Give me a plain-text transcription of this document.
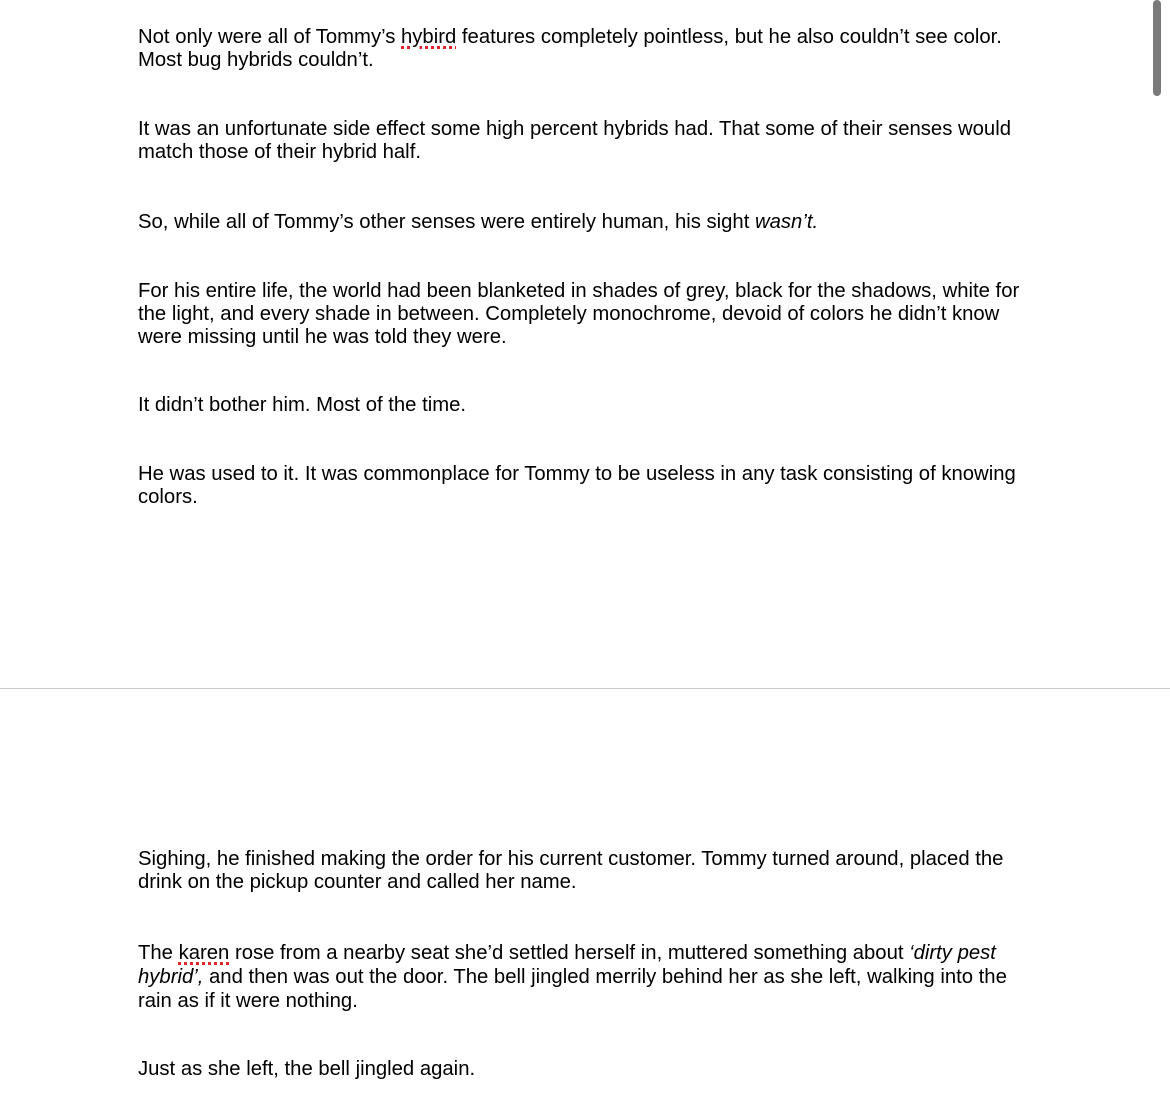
Not only were all of Tommy’s hybird features completely pointless, but he also couldn’t see color. Most bug hybrids couldn’t.

It was an unfortunate side effect some high percent hybrids had. That some of their senses would match those of their hybrid half.

So, while all of Tommy’s other senses were entirely human, his sight wasn’t.

For his entire life, the world had been blanketed in shades of grey, black for the shadows, white for the light, and every shade in between. Completely monochrome, devoid of colors he didn’t know were missing until he was told they were.

It didn’t bother him. Most of the time.

He was used to it. It was commonplace for Tommy to be useless in any task consisting of knowing colors.

Sighing, he finished making the order for his current customer. Tommy turned around, placed the drink on the pickup counter and called her name.

The karen rose from a nearby seat she’d settled herself in, muttered something about ‘dirty pest hybrid’, and then was out the door. The bell jingled merrily behind her as she left, walking into the rain as if it were nothing.

Just as she left, the bell jingled again.
